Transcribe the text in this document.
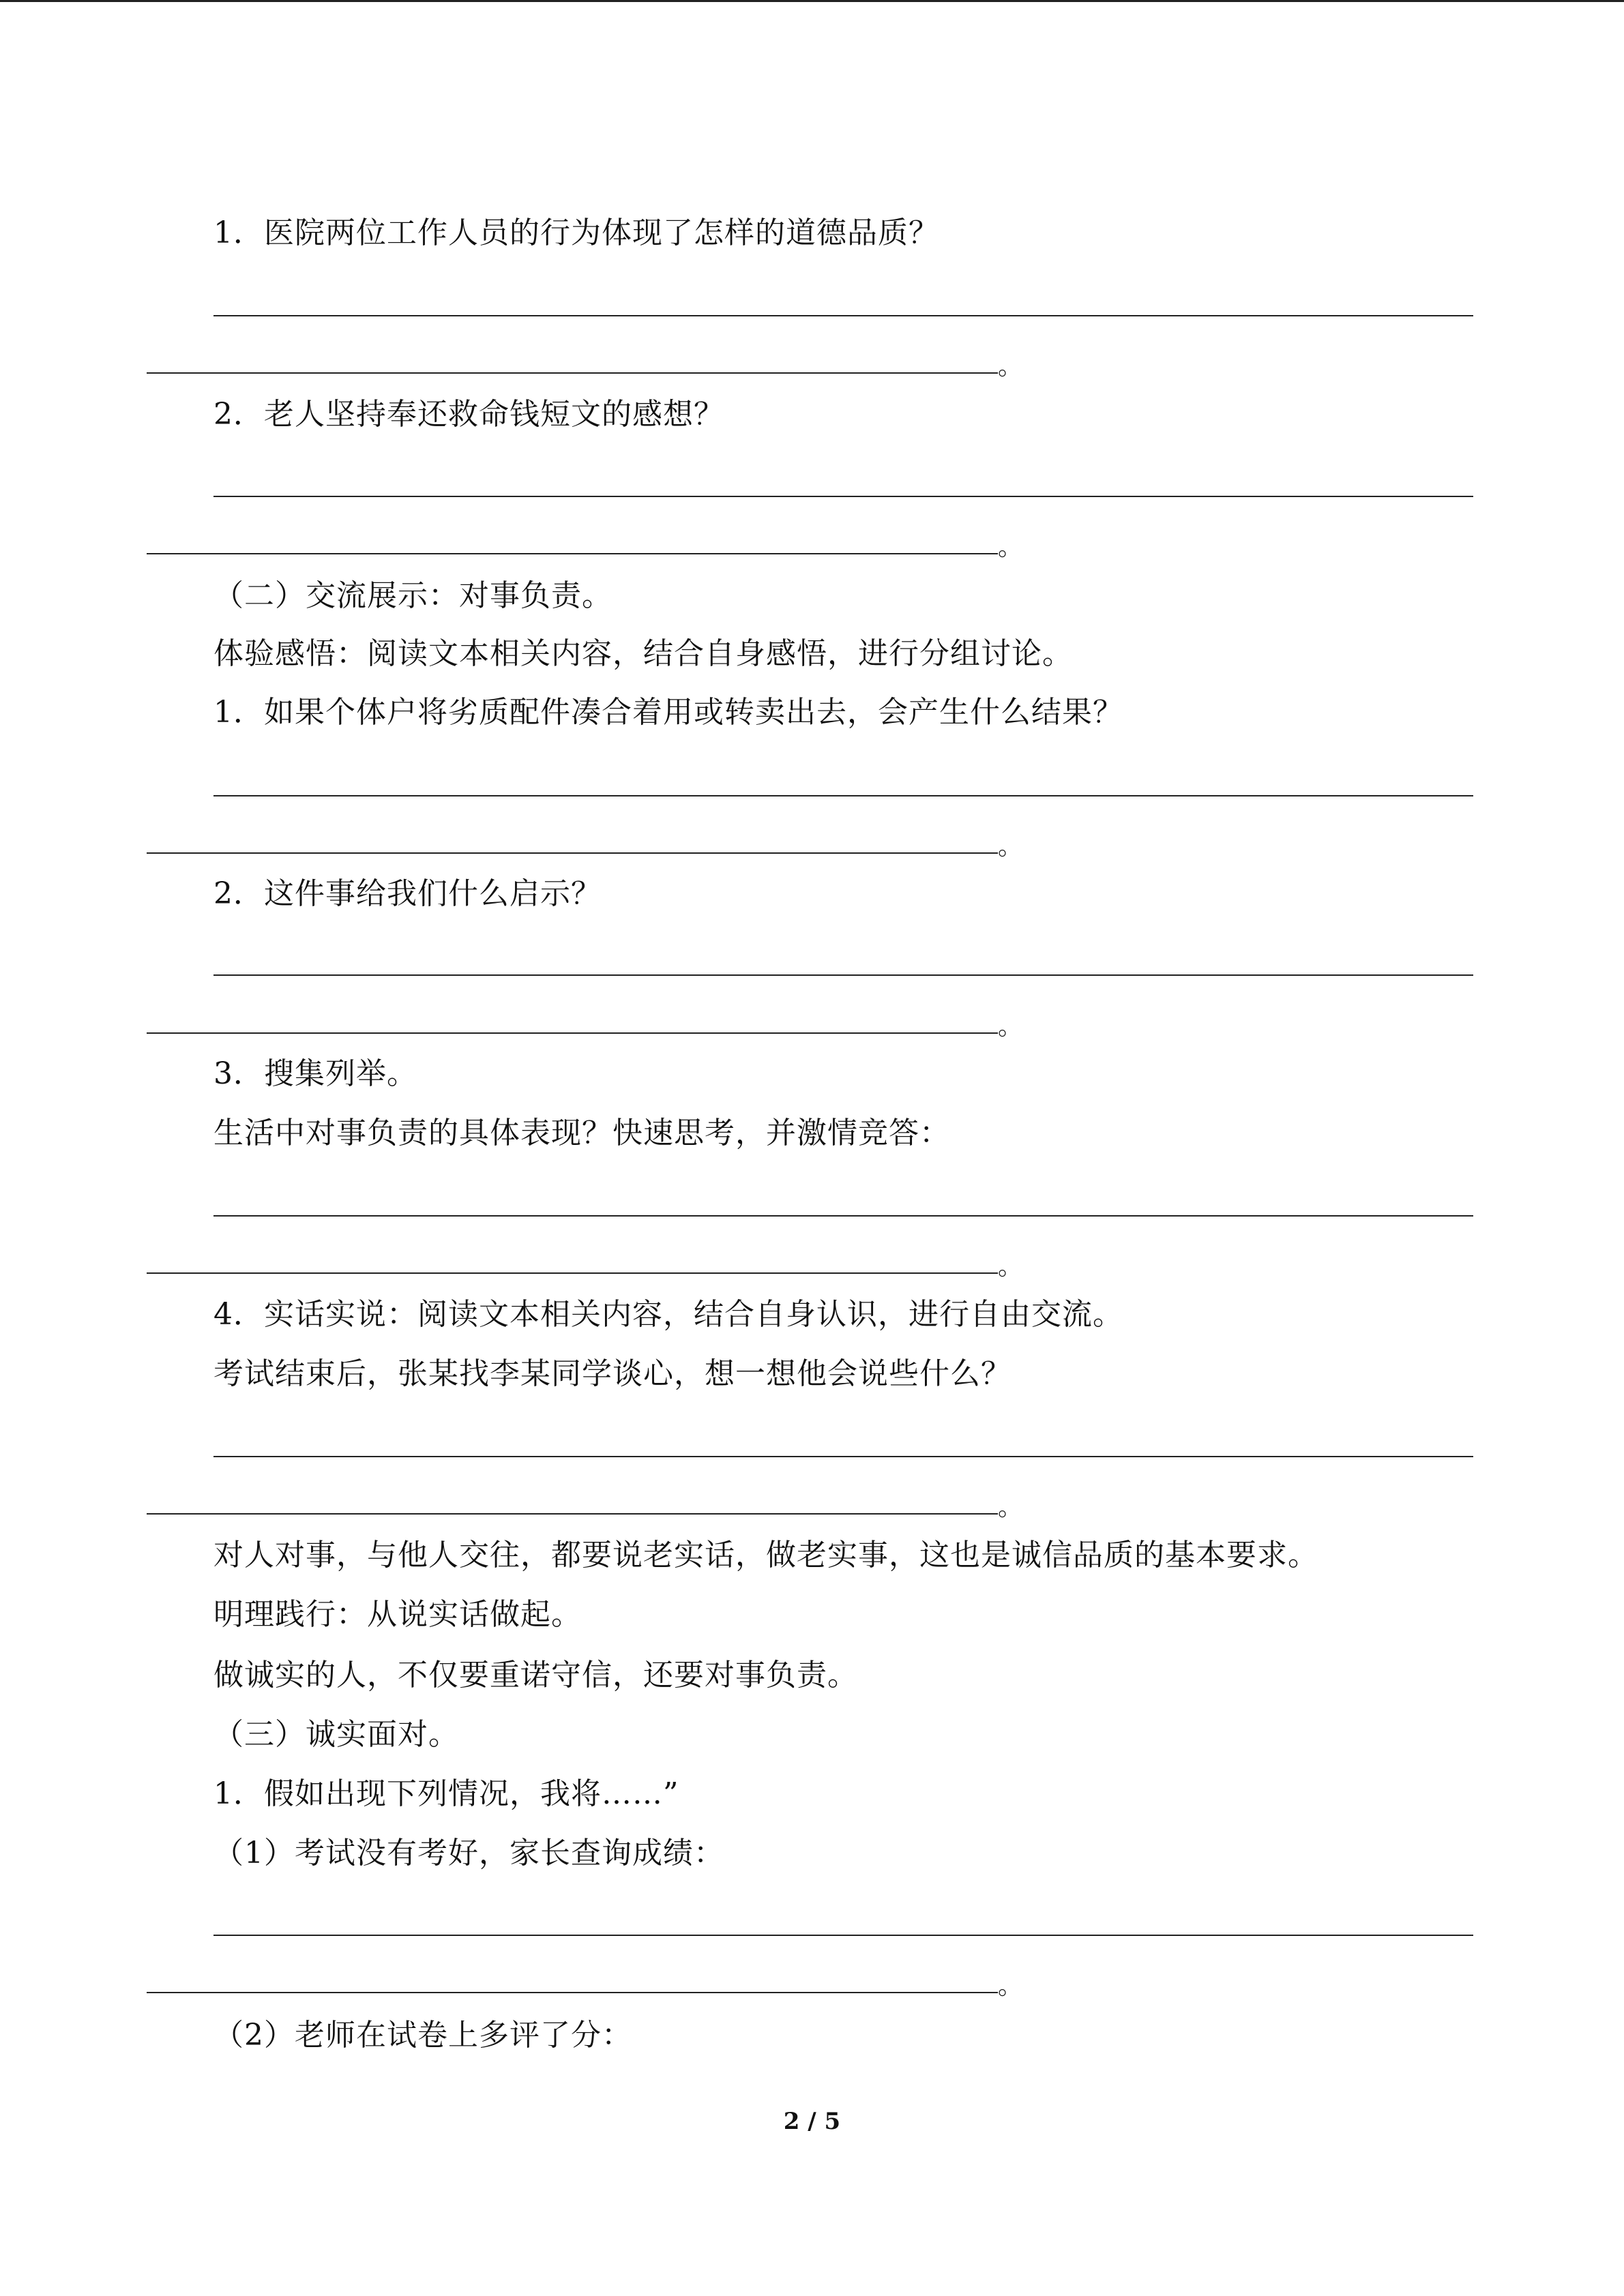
1．医院两位工作人员的行为体现了怎样的道德品质？
。
2．老人坚持奉还救命钱短文的感想？
。
（二）交流展示：对事负责。
体验感悟：阅读文本相关内容，结合自身感悟，进行分组讨论。
1．如果个体户将劣质配件凑合着用或转卖出去，会产生什么结果？
。
2．这件事给我们什么启示？
。
3．搜集列举。
生活中对事负责的具体表现？快速思考，并激情竞答：
。
4．实话实说：阅读文本相关内容，结合自身认识，进行自由交流。
考试结束后，张某找李某同学谈心，想一想他会说些什么？
。
对人对事，与他人交往，都要说老实话，做老实事，这也是诚信品质的基本要求。
明理践行：从说实话做起。
做诚实的人，不仅要重诺守信，还要对事负责。
（三）诚实面对。
1．假如出现下列情况，我将……”
（1）考试没有考好，家长查询成绩：
。
（2）老师在试卷上多评了分：
2 / 5
